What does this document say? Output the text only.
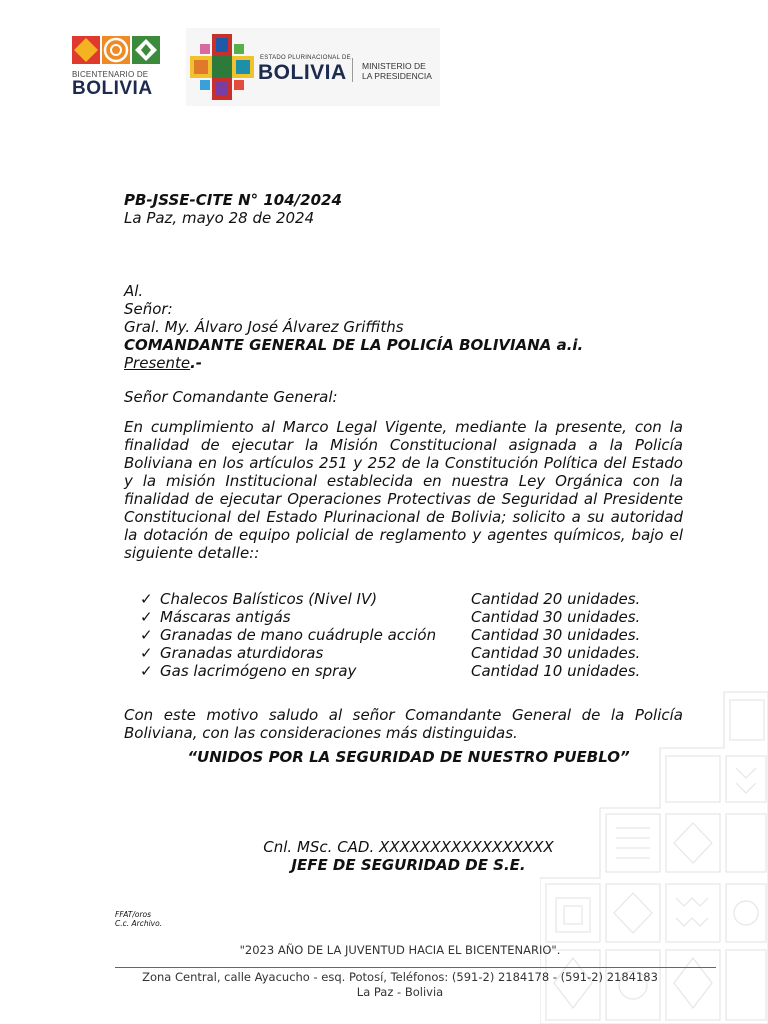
BICENTENARIO DE
BOLIVIA
ESTADO PLURINACIONAL DE
BOLIVIA MINISTERIO DE
LA PRESIDENCIA
PB-JSSE-CITE N° 104/2024
La Paz, mayo 28 de 2024
Al.
Señor:
Gral. My. Álvaro José Álvarez Griffiths
COMANDANTE GENERAL DE LA POLICÍA BOLIVIANA a.i.
Presente.-
Señor Comandante General:
En cumplimiento al Marco Legal Vigente, mediante la presente, con la
finalidad de ejecutar la Misión Constitucional asignada a la Policía
Boliviana en los artículos 251 y 252 de la Constitución Política del Estado
y la misión Institucional establecida en nuestra Ley Orgánica con la
finalidad de ejecutar Operaciones Protectivas de Seguridad al Presidente
Constitucional del Estado Plurinacional de Bolivia; solicito a su autoridad
la dotación de equipo policial de reglamento y agentes químicos, bajo el
siguiente detalle::
✓ Chalecos Balísticos (Nivel IV)	Cantidad 20 unidades.
✓ Máscaras antigás	Cantidad 30 unidades.
✓ Granadas de mano cuádruple acción Cantidad 30 unidades.
✓ Granadas aturdidoras	Cantidad 30 unidades.
✓ Gas lacrimógeno en spray	Cantidad 10 unidades.
Con este motivo saludo al señor Comandante General de la Policía
Boliviana, con las consideraciones más distinguidas.
“UNIDOS POR LA SEGURIDAD DE NUESTRO PUEBLO”
Cnl. MSc. CAD. XXXXXXXXXXXXXXXXX
JEFE DE SEGURIDAD DE S.E.
FFAT/oros
C.c. Archivo.
"2023 AÑO DE LA JUVENTUD HACIA EL BICENTENARIO".
Zona Central, calle Ayacucho - esq. Potosí, Teléfonos: (591-2) 2184178 - (591-2) 2184183
La Paz - Bolivia
